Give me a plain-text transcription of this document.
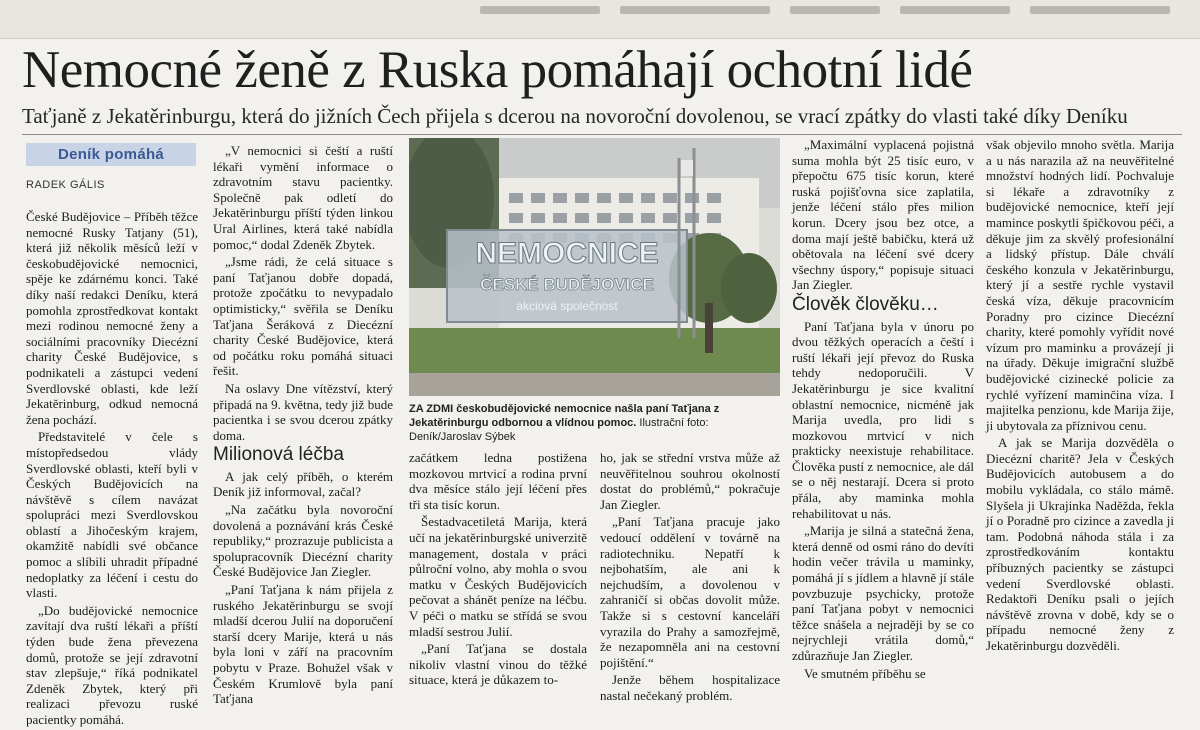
Nemocné ženě z Ruska pomáhají ochotní lidé

Taťjaně z Jekatěrinburgu, která do jižních Čech přijela s dcerou na novoroční dovolenou, se vrací zpátky do vlasti také díky Deníku

Deník pomáhá
RADEK GÁLIS

České Budějovice – Příběh těžce nemocné Rusky Tatjany (51), která již několik měsíců leží v českobudějovické nemocnici, spěje ke zdárnému konci. Také díky naší redakci Deníku, která pomohla zprostředkovat kontakt mezi rodinou nemocné ženy a sociálními pracovníky Diecézní charity České Budějovice, s podnikateli a zástupci vedení Sverdlovské oblasti, kde leží Jekatěrinburg, odkud nemocná žena pochází.

Představitelé v čele s místopředsedou vlády Sverdlovské oblasti, kteří byli v Českých Budějovicích na návštěvě s cílem navázat spolupráci mezi Sverdlovskou oblastí a Jihočeským krajem, okamžitě nabídli své občance pomoc a slíbili uhradit případné nedoplatky za léčení i cestu do vlasti.

„Do budějovické nemocnice zavítají dva ruští lékaři a příští týden bude žena převezena domů, protože se její zdravotní stav zlepšuje,“ říká podnikatel Zdeněk Zbytek, který při realizaci převozu ruské pacientky pomáhá.

„V nemocnici si čeští a ruští lékaři vymění informace o zdravotním stavu pacientky. Společně pak odletí do Jekatěrinburgu příští týden linkou Ural Airlines, která také nabídla pomoc,“ dodal Zdeněk Zbytek.

„Jsme rádi, že celá situace s paní Taťjanou dobře dopadá, protože zpočátku to nevypadalo optimisticky,“ svěřila se Deníku Taťjana Šeráková z Diecézní charity České Budějovice, která od počátku roku pomáhá situaci řešit.

Na oslavy Dne vítězství, který připadá na 9. května, tedy již bude pacientka i se svou dcerou zpátky doma.

Milionová léčba

A jak celý příběh, o kterém Deník již informoval, začal?

„Na začátku byla novoroční dovolená a poznávání krás České republiky,“ prozrazuje publicista a spolupracovník Diecézní charity České Budějovice Jan Ziegler.

„Paní Taťjana k nám přijela z ruského Jekatěrinburgu se svojí mladší dcerou Julií na doporučení starší dcery Marije, která u nás byla loni v září na pracovním pobytu v Praze. Bohužel však v Českém Krumlově byla paní Taťjana

NEMOCNICE
ČESKÉ BUDĚJOVICE
akciová společnost
ZA ZDMI českobudějovické nemocnice našla paní Taťjana z Jekatěrinburgu odbornou a vlídnou pomoc. Ilustrační foto: Deník/Jaroslav Sýbek

začátkem ledna postižena mozkovou mrtvicí a rodina první dva měsíce stálo její léčení přes tři sta tisíc korun.

Šestadvacetiletá Marija, která učí na jekatěrinburgské univerzitě management, dostala v práci půlroční volno, aby mohla o svou matku v Českých Budějovicích pečovat a shánět peníze na léčbu. V péči o matku se střídá se svou mladší sestrou Julií.

„Paní Taťjana se dostala nikoliv vlastní vinou do těžké situace, která je důkazem to-

ho, jak se střední vrstva může až neuvěřitelnou souhrou okolností dostat do problémů,“ pokračuje Jan Ziegler.

„Paní Taťjana pracuje jako vedoucí oddělení v továrně na radiotechniku. Nepatří k nejbohatším, ale ani k nejchudším, a dovolenou v zahraničí si občas dovolit může. Takže si s cestovní kanceláří vyrazila do Prahy a samozřejmě, že nezapomněla ani na cestovní pojištění.“

Jenže během hospitalizace nastal nečekaný problém.

„Maximální vyplacená pojistná suma mohla být 25 tisíc euro, v přepočtu 675 tisíc korun, které ruská pojišťovna sice zaplatila, jenže léčení stálo přes milion korun. Dcery jsou bez otce, a doma mají ještě babičku, která už obětovala na léčení své dcery všechny úspory,“ popisuje situaci Jan Ziegler.

Člověk člověku…

Paní Taťjana byla v únoru po dvou těžkých operacích a čeští i ruští lékaři její převoz do Ruska tehdy nedoporučili. V Jekatěrinburgu je sice kvalitní oblastní nemocnice, nicméně jak Marija uvedla, pro lidi s mozkovou mrtvicí v nich prakticky neexistuje rehabilitace. Člověka pustí z nemocnice, ale dál se o něj nestarají. Dcera si proto přála, aby maminka mohla rehabilitovat u nás.

„Marija je silná a statečná žena, která denně od osmi ráno do devíti hodin večer trávila u maminky, pomáhá jí s jídlem a hlavně jí stále povzbuzuje psychicky, protože paní Taťjana pobyt v nemocnici těžce snášela a nejraději by se co nejrychleji vrátila domů,“ zdůrazňuje Jan Ziegler.

Ve smutném příběhu se

však objevilo mnoho světla. Marija a u nás narazila až na neuvěřitelné množství hodných lidí. Pochvaluje si lékaře a zdravotníky z budějovické nemocnice, kteří její mamince poskytli špičkovou péči, a děkuje jim za skvělý profesionální a lidský přístup. Dále chválí českého konzula v Jekatěrinburgu, který jí a sestře rychle vystavil česká víza, děkuje pracovnicím Poradny pro cizince Diecézní charity, které pomohly vyřídit nové vízum pro maminku a provázejí ji na úřady. Děkuje imigrační službě budějovické cizinecké policie za rychlé vyřízení maminčina víza. I majitelka penzionu, kde Marija žije, ji ubytovala za příznivou cenu.

A jak se Marija dozvěděla o Diecézní charitě? Jela v Českých Budějovicích autobusem a do mobilu vykládala, co stálo mámě. Slyšela ji Ukrajinka Naděžda, řekla jí o Poradně pro cizince a zavedla ji tam. Podobná náhoda stála i za zprostředkováním kontaktu příbuzných pacientky se zástupci vedení Sverdlovské oblasti. Redaktoři Deníku psali o jejích návštěvě zrovna v době, kdy se o případu nemocné ženy z Jekatěrinburgu dozvěděli.
